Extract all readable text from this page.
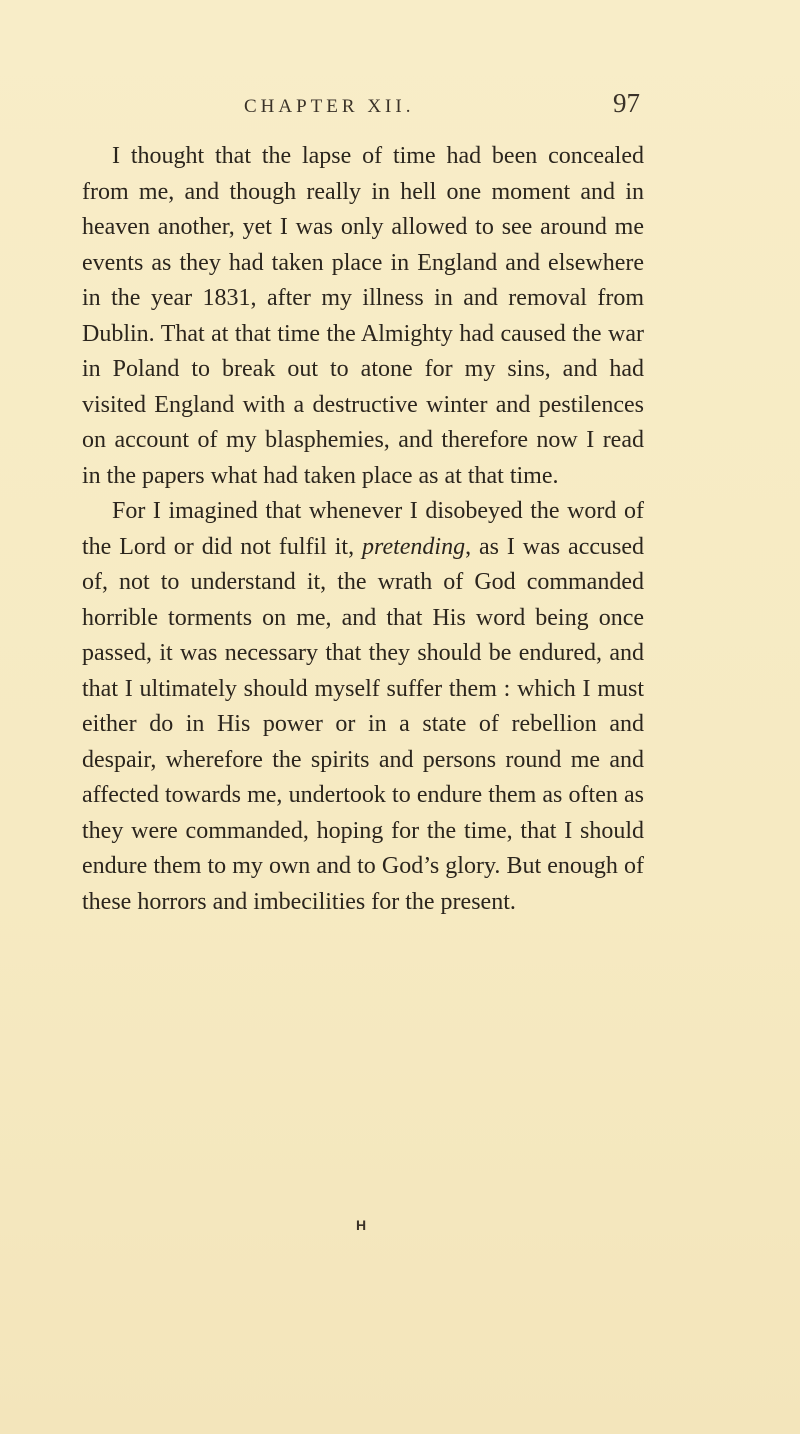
CHAPTER XII.	97

I thought that the lapse of time had been concealed from me, and though really in hell one moment and in heaven another, yet I was only allowed to see around me events as they had taken place in England and elsewhere in the year 1831, after my illness in and removal from Dublin. That at that time the Almighty had caused the war in Poland to break out to atone for my sins, and had visited England with a destructive winter and pestilences on account of my blasphemies, and therefore now I read in the papers what had taken place as at that time.

For I imagined that whenever I disobeyed the word of the Lord or did not fulfil it, pretending, as I was accused of, not to understand it, the wrath of God commanded horrible torments on me, and that His word being once passed, it was necessary that they should be endured, and that I ultimately should myself suffer them : which I must either do in His power or in a state of rebellion and despair, wherefore the spirits and persons round me and affected towards me, undertook to endure them as often as they were commanded, hoping for the time, that I should endure them to my own and to God’s glory. But enough of these horrors and imbecilities for the present.

H
